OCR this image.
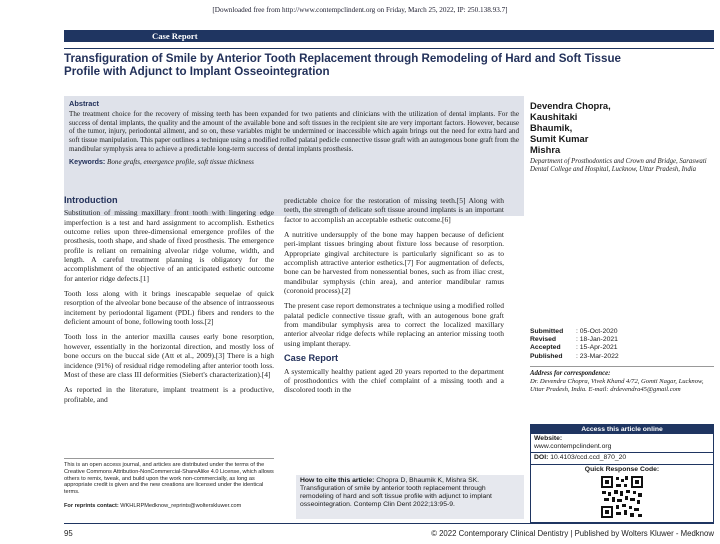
[Downloaded free from http://www.contempclindent.org on Friday, March 25, 2022, IP: 250.138.93.7]
Case Report
Transfiguration of Smile by Anterior Tooth Replacement through Remodeling of Hard and Soft Tissue Profile with Adjunct to Implant Osseointegration
Abstract
The treatment choice for the recovery of missing teeth has been expanded for two patients and clinicians with the utilization of dental implants. For the success of dental implants, the quality and the amount of the available bone and soft tissues in the recipient site are very important factors. However, because of the tumor, injury, periodontal ailment, and so on, these variables might be undermined or inaccessible which again brings out the need for extra hard and soft tissue manipulation. This paper outlines a technique using a modified rolled palatal pedicle connective tissue graft with an autogenous bone graft from the mandibular symphysis area to achieve a predictable long-term success of dental implants prosthesis.
Keywords: Bone grafts, emergence profile, soft tissue thickness
Devendra Chopra,
Kaushitaki
Bhaumik,
Sumit Kumar
Mishra
Department of Prosthodontics and Crown and Bridge, Saraswati Dental College and Hospital, Lucknow, Uttar Pradesh, India
Introduction

Substitution of missing maxillary front tooth with lingering edge imperfection is a test and hard assignment to accomplish. Esthetics outcome relies upon three-dimensional emergence profiles of the prosthesis, tooth shape, and shade of fixed prosthesis. The emergence profile is reliant on remaining alveolar ridge volume, width, and length. A careful treatment planning is obligatory for the accomplishment of the objective of an anticipated esthetic outcome for anterior ridge defects.[1]

Tooth loss along with it brings inescapable sequelae of quick resorption of the alveolar bone because of the absence of intraosseous incitement by periodontal ligament (PDL) fibers and renders to the deficient amount of bone, following tooth loss.[2]

Tooth loss in the anterior maxilla causes early bone resorption, however, essentially in the horizontal direction, and mostly loss of bone occurs on the buccal side (Att et al., 2009).[3] There is a high incidence (91%) of residual ridge remodeling after anterior tooth loss. Most of these are class III deformities (Siebert's characterization).[4]

As reported in the literature, implant treatment is a productive, profitable, and

predictable choice for the restoration of missing teeth.[5] Along with teeth, the strength of delicate soft tissue around implants is an important factor to accomplish an acceptable esthetic outcome.[6]

A nutritive undersupply of the bone may happen because of deficient peri-implant tissues bringing about fixture loss because of resorption. Appropriate gingival architecture is particularly significant so as to accomplish attractive anterior esthetics.[7] For augmentation of defects, bone can be harvested from nonessential bones, such as from iliac crest, mandibular symphysis (chin area), and anterior mandibular ramus (coronoid process).[2]

The present case report demonstrates a technique using a modified rolled palatal pedicle connective tissue graft, with an autogenous bone graft from mandibular symphysis area to correct the localized maxillary anterior alveolar ridge defects while replacing an anterior missing tooth using implant therapy.

Case Report

A systemically healthy patient aged 20 years reported to the department of prosthodontics with the chief complaint of a missing tooth and a discolored tooth in the

Submitted	: 05-Oct-2020
Revised	: 18-Jan-2021
Accepted	: 15-Apr-2021
Published	: 23-Mar-2022
Address for correspondence:
Dr. Devendra Chopra, Vivek Khand 4/72, Gomti Nagar, Lucknow, Uttar Pradesh, India. E-mail: drdevendra45@gmail.com
Access this article online
Website:
www.contempclindent.org
DOI: 10.4103/ccd.ccd_870_20
Quick Response Code:
This is an open access journal, and articles are distributed under the terms of the Creative Commons Attribution-NonCommercial-ShareAlike 4.0 License, which allows others to remix, tweak, and build upon the work non-commercially, as long as appropriate credit is given and the new creations are licensed under the identical terms.
For reprints contact: WKHLRPMedknow_reprints@wolterskluwer.com
How to cite this article: Chopra D, Bhaumik K, Mishra SK. Transfiguration of smile by anterior tooth replacement through remodeling of hard and soft tissue profile with adjunct to implant osseointegration. Contemp Clin Dent 2022;13:95-9.
95	© 2022 Contemporary Clinical Dentistry | Published by Wolters Kluwer - Medknow
